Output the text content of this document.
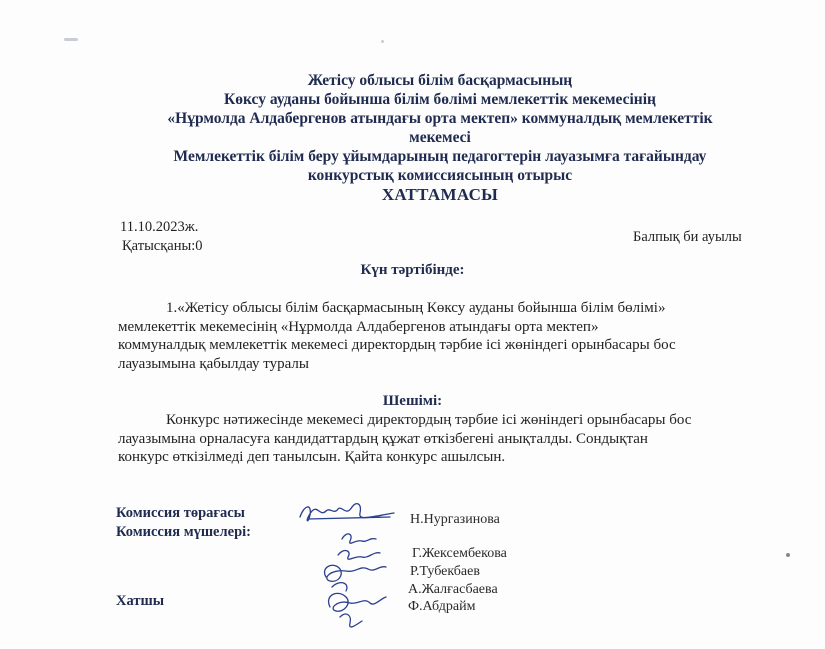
Жетісу облысы білім басқармасының
Көксу ауданы бойынша білім бөлімі мемлекеттік мекемесінің
«Нұрмолда Алдабергенов атындағы орта мектеп» коммуналдық мемлекеттік
мекемесі
Мемлекеттік білім беру ұйымдарының педагогтерін лауазымға тағайындау
конкурстық комиссиясының отырыс
ХАТТАМАСЫ
11.10.2023ж.
Қатысқаны:0
Балпық би ауылы
Күн тәртібінде:
1.«Жетісу облысы білім басқармасының Көксу ауданы бойынша білім бөлімі»
мемлекеттік мекемесінің «Нұрмолда Алдабергенов атындағы орта мектеп»
коммуналдық мемлекеттік мекемесі директордың тәрбие ісі жөніндегі орынбасары бос
лауазымына қабылдау туралы
Шешімі:
Конкурс нәтижесінде мекемесі директордың тәрбие ісі жөніндегі орынбасары бос
лауазымына орналасуға кандидаттардың құжат өткізбегені анықталды. Сондықтан
конкурс өткізілмеді деп танылсын. Қайта конкурс ашылсын.
Комиссия төрағасы
Комиссия мүшелері:
Хатшы
Н.Нургазинова
Г.Жексембекова
Р.Тубекбаев
А.Жалғасбаева
Ф.Абдрайм
